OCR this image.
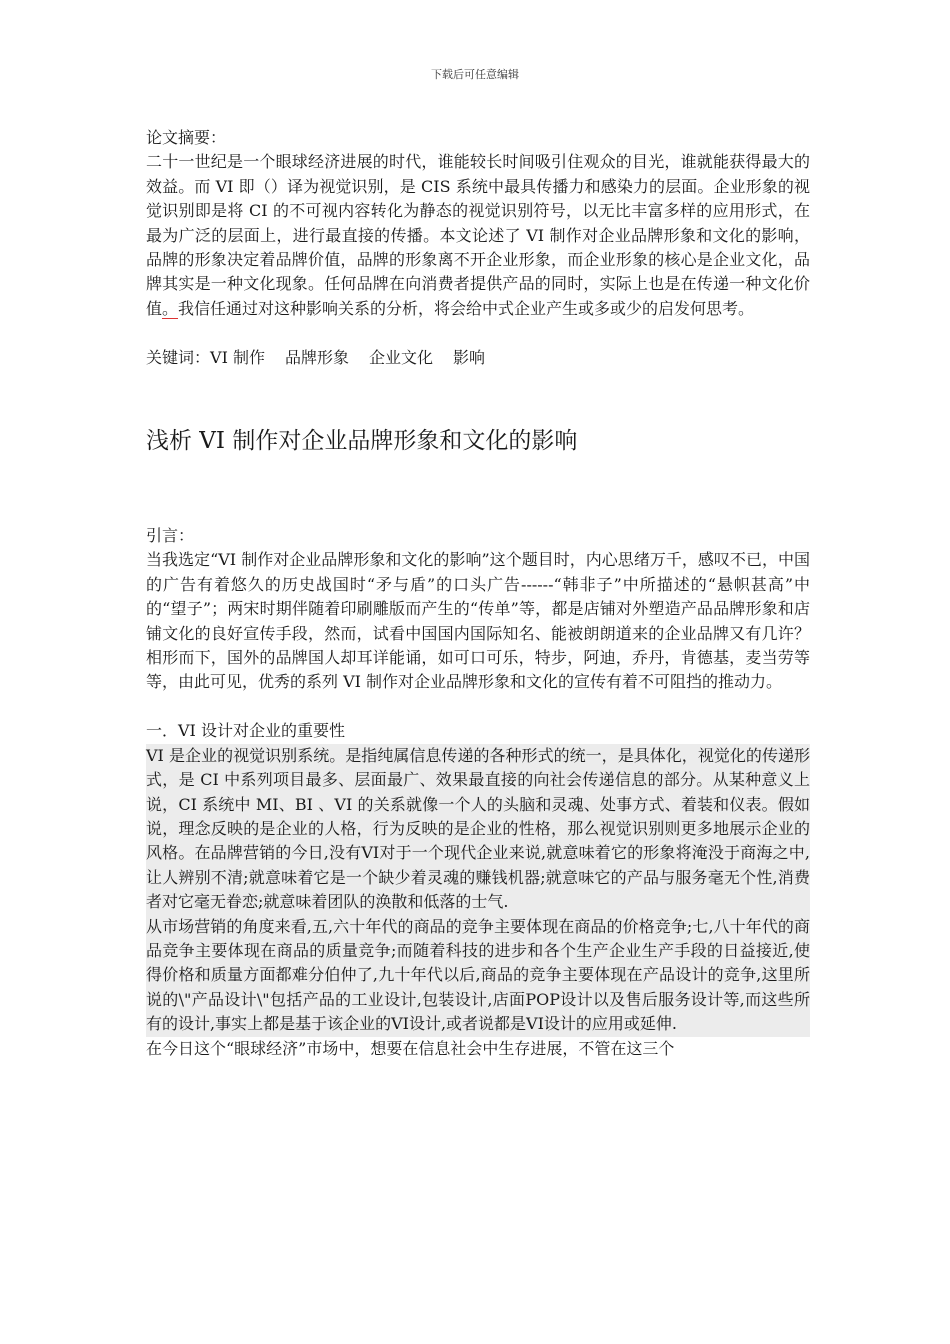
下载后可任意编辑

论文摘要：

二十一世纪是一个眼球经济进展的时代，谁能较长时间吸引住观众的目光，谁就能获得最大的效益。而 VI 即（）译为视觉识别，是 CIS 系统中最具传播力和感染力的层面。企业形象的视觉识别即是将 CI 的不可视内容转化为静态的视觉识别符号，以无比丰富多样的应用形式，在最为广泛的层面上，进行最直接的传播。本文论述了 VI 制作对企业品牌形象和文化的影响，品牌的形象决定着品牌价值，品牌的形象离不开企业形象，而企业形象的核心是企业文化，品牌其实是一种文化现象。任何品牌在向消费者提供产品的同时，实际上也是在传递一种文化价值。我信任通过对这种影响关系的分析，将会给中式企业产生或多或少的启发何思考。

关键词：VI 制作 品牌形象 企业文化 影响

浅析 VI 制作对企业品牌形象和文化的影响

引言：

当我选定“VI 制作对企业品牌形象和文化的影响”这个题目时，内心思绪万千，感叹不已，中国的广告有着悠久的历史战国时“矛与盾”的口头广告------“韩非子”中所描述的“悬帜甚高”中的“望子”；两宋时期伴随着印刷雕版而产生的“传单”等，都是店铺对外塑造产品品牌形象和店铺文化的良好宣传手段，然而，试看中国国内国际知名、能被朗朗道来的企业品牌又有几许？相形而下，国外的品牌国人却耳详能诵，如可口可乐，特步，阿迪，乔丹，肯德基，麦当劳等等，由此可见，优秀的系列 VI 制作对企业品牌形象和文化的宣传有着不可阻挡的推动力。

一．VI 设计对企业的重要性

VI 是企业的视觉识别系统。是指纯属信息传递的各种形式的统一，是具体化，视觉化的传递形式，是 CI 中系列项目最多、层面最广、效果最直接的向社会传递信息的部分。从某种意义上说，CI 系统中 MI、BI 、VI 的关系就像一个人的头脑和灵魂、处事方式、着装和仪表。假如说，理念反映的是企业的人格，行为反映的是企业的性格，那么视觉识别则更多地展示企业的风格。在品牌营销的今日,没有VI对于一个现代企业来说,就意味着它的形象将淹没于商海之中,让人辨别不清;就意味着它是一个缺少着灵魂的赚钱机器;就意味它的产品与服务毫无个性,消费者对它毫无眷恋;就意味着团队的涣散和低落的士气.

从市场营销的角度来看,五,六十年代的商品的竞争主要体现在商品的价格竞争;七,八十年代的商品竞争主要体现在商品的质量竞争;而随着科技的进步和各个生产企业生产手段的日益接近,使得价格和质量方面都难分伯仲了,九十年代以后,商品的竞争主要体现在产品设计的竞争,这里所说的\"产品设计\"包括产品的工业设计,包装设计,店面POP设计以及售后服务设计等,而这些所有的设计,事实上都是基于该企业的VI设计,或者说都是VI设计的应用或延伸.

在今日这个“眼球经济”市场中，想要在信息社会中生存进展，不管在这三个
